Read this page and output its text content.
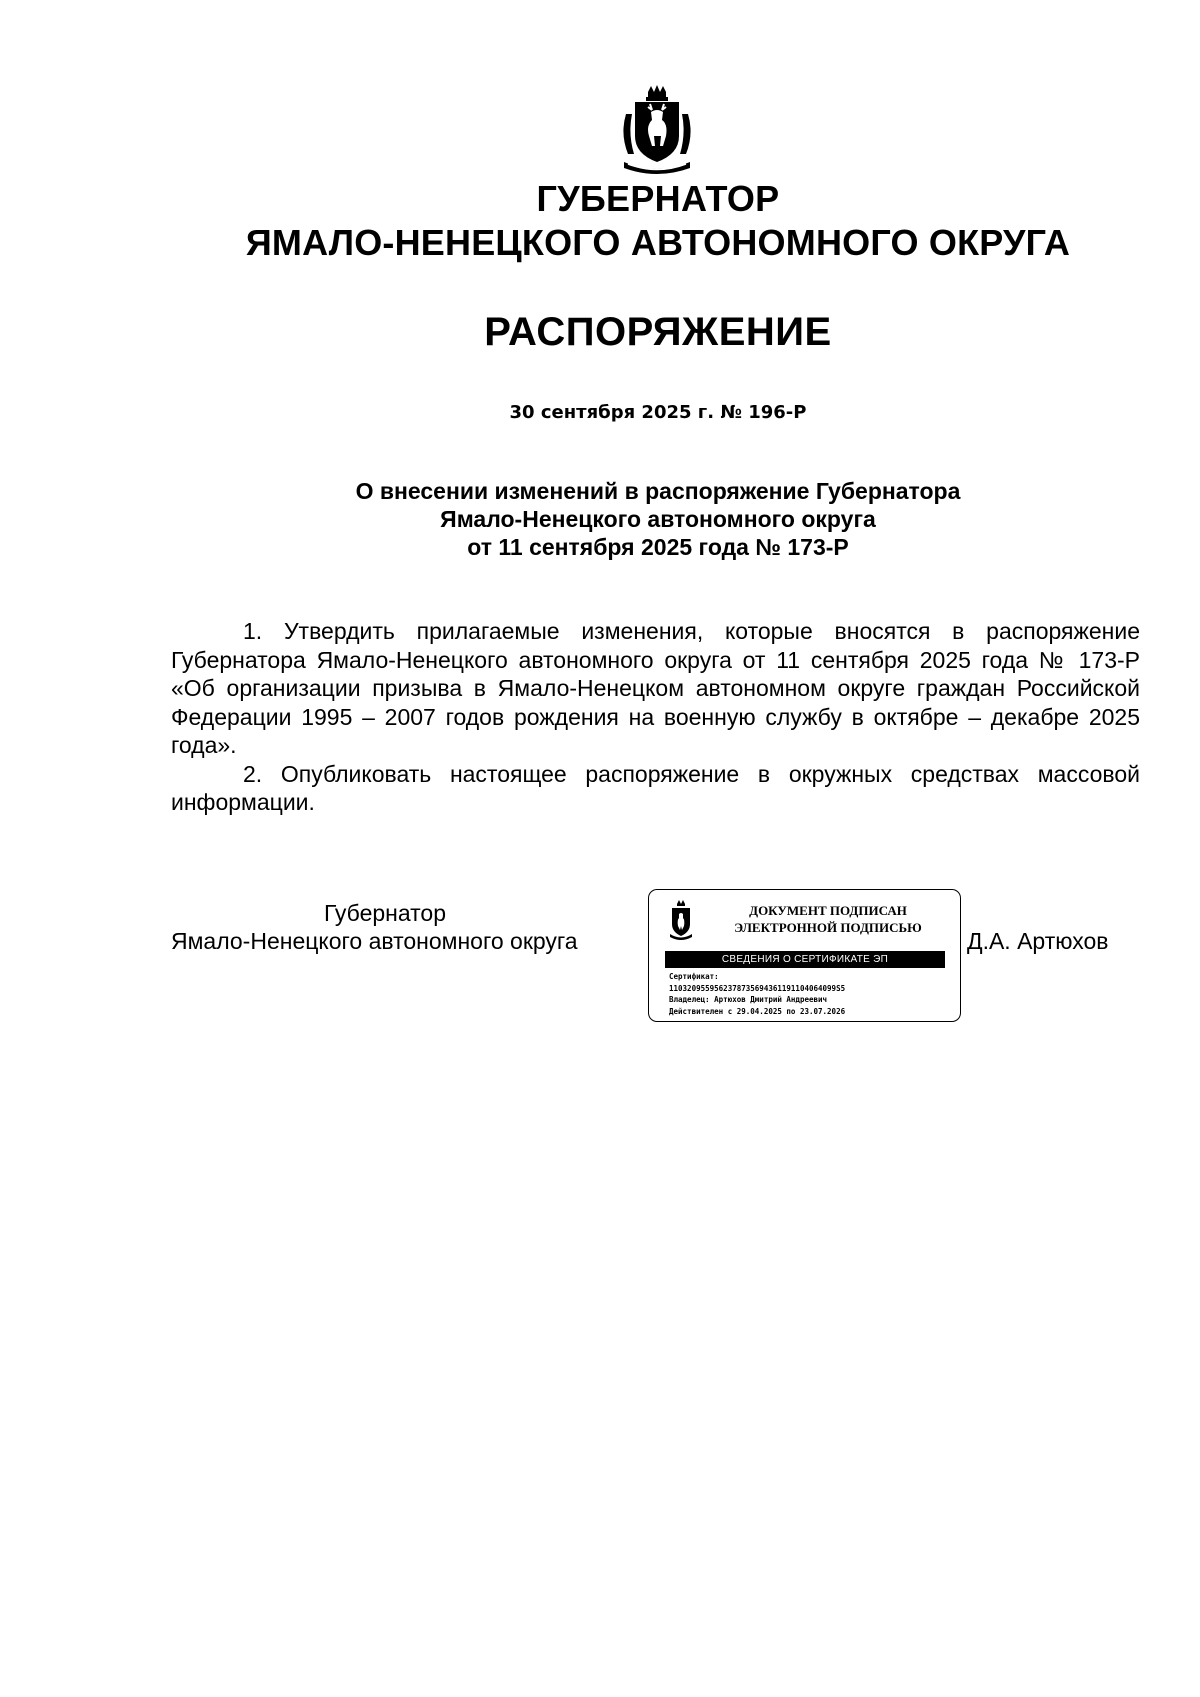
ГУБЕРНАТОР
ЯМАЛО-НЕНЕЦКОГО АВТОНОМНОГО ОКРУГА
РАСПОРЯЖЕНИЕ
30 сентября 2025 г. № 196-Р
О внесении изменений в распоряжение Губернатора
Ямало-Ненецкого автономного округа
от 11 сентября 2025 года № 173-Р

1. Утвердить прилагаемые изменения, которые вносятся в распоряжение Губернатора Ямало-Ненецкого автономного округа от 11 сентября 2025 года № 173-Р «Об организации призыва в Ямало-Ненецком автономном округе граждан Российской Федерации 1995 – 2007 годов рождения на военную службу в октябре – декабре 2025 года».

2. Опубликовать настоящее распоряжение в окружных средствах массовой информации.

Губернатор
Ямало-Ненецкого автономного округа
ДОКУМЕНТ ПОДПИСАН
ЭЛЕКТРОННОЙ ПОДПИСЬЮ
СВЕДЕНИЯ О СЕРТИФИКАТЕ ЭП
Сертификат:
1103209559562378735694361191104064099S5
Владелец: Артюхов Дмитрий Андреевич
Действителен с 29.04.2025 по 23.07.2026
Д.А. Артюхов
